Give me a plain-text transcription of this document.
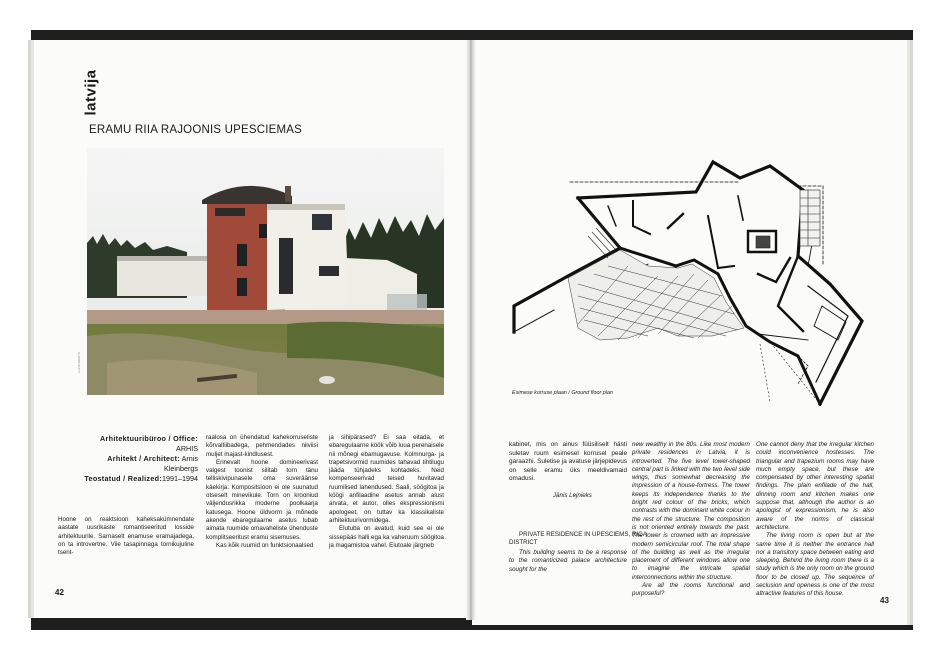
latvija
ERAMU RIIA RAJOONIS UPESCIEMAS
LUCIS IMANTS
Arhitektuuribüroo / Office:
ARHIS
Arhitekt / Architect: Arnis
Kleinbergs
Teostatud / Realized:1991–1994

Hoone on reaktsioon kaheksakümnendate aastate uusrikaste romantiseeritud losside arhitektuurile. Sarnaselt enamuse eramajadega, on ta introvertne. Viie tasapinnaga tornikujuline tsent-

raalosa on ühendatud kahekorruseliste kõrvaltiibadega, pehmendades niiviisi muljet majast-kindlusest.

Erinevalt hoone domineerivast valgest toonist silitab torn tänu telliskivipunasele oma suveräänse käekirja. Kompositsioon ei ole suunatud otseselt minevikule. Torn on krooniud väljendusrikka moderne poolkaarja katusega. Hoone üldvorm ja mõnede akende ebaregulaarne asetus lubab aimata ruumide omavaheliste ühenduste komplitseeritust eramu sisemuses.

Kas kõik ruumid on funktsionaalsed

ja sihipärased? Ei saa eitada, et ebaregulaarne köök võib luua perenaisele nii mõnegi ebamugavuse. Kolmnurga- ja trapetsivormid ruumides tahavad tihtilugu jääda tühjadeks kohtadeks. Neid kompenseerivad teised huvitavad ruumilised lahendused. Saali, söögitoa ja köögi anfilaadine asetus annab alust arvata, et autor, olles ekspressionismi apologeet, on tuttav ka klassikaliste arhitektuurivormidega.

Elutuba on avatud, kuid see ei ole sissepääs halli ega ka vaheruum söögitoa ja magamistoa vahel. Elutoale järgneb

42
Esimese korruse plaan / Ground floor plan

kabinet, mis on ainus füüsiliselt hästi suletav ruum esimesel korrusel peale garaazhi. Suletise ja avatuse järjepidevus on selle eramu üks meeldivamaid omadusi.

Jānis Lejnieks
PRIVATE RESIDENCE IN UPESCIEMS, RIGA
DISTRICT

This building seems to be a response to the romanticized palace architecture sought for the

new wealthy in the 80s. Like most modern private residences in Latvia, it is introverted. The five level tower-shaped central part is linked with the two level side wings, thus somewhat decreasing the impression of a house-fortress. The tower keeps its independence thanks to the bright red colour of the bricks, which contrasts with the dominant white colour in the rest of the structure. The composition is not oriented entirely towards the past. The tower is crowned with an impressive modern semicircular roof. The total shape of the building as well as the irregular placement of different windows allow one to imagine the intricate spatial interconnections within the structure.

Are all the rooms functional and purposeful?

One cannot deny that the irregular kitchen could inconvenience hostesses. The triangular and trapezium rooms may have much empty space, but these are compensated by other interesting spatial findings. The plain enfilade of the hall, dinning room and kitchen makes one suppose that, although the author is an apologist of expressionism, he is also aware of the norms of classical architecture.

The living room is open but at the same time it is neither the entrance hall nor a transitory space between eating and sleeping. Behind the living room there is a study which is the only room on the ground floor to be closed up. The sequence of seclusion and openess is one of the most attractive features of this house.

43
